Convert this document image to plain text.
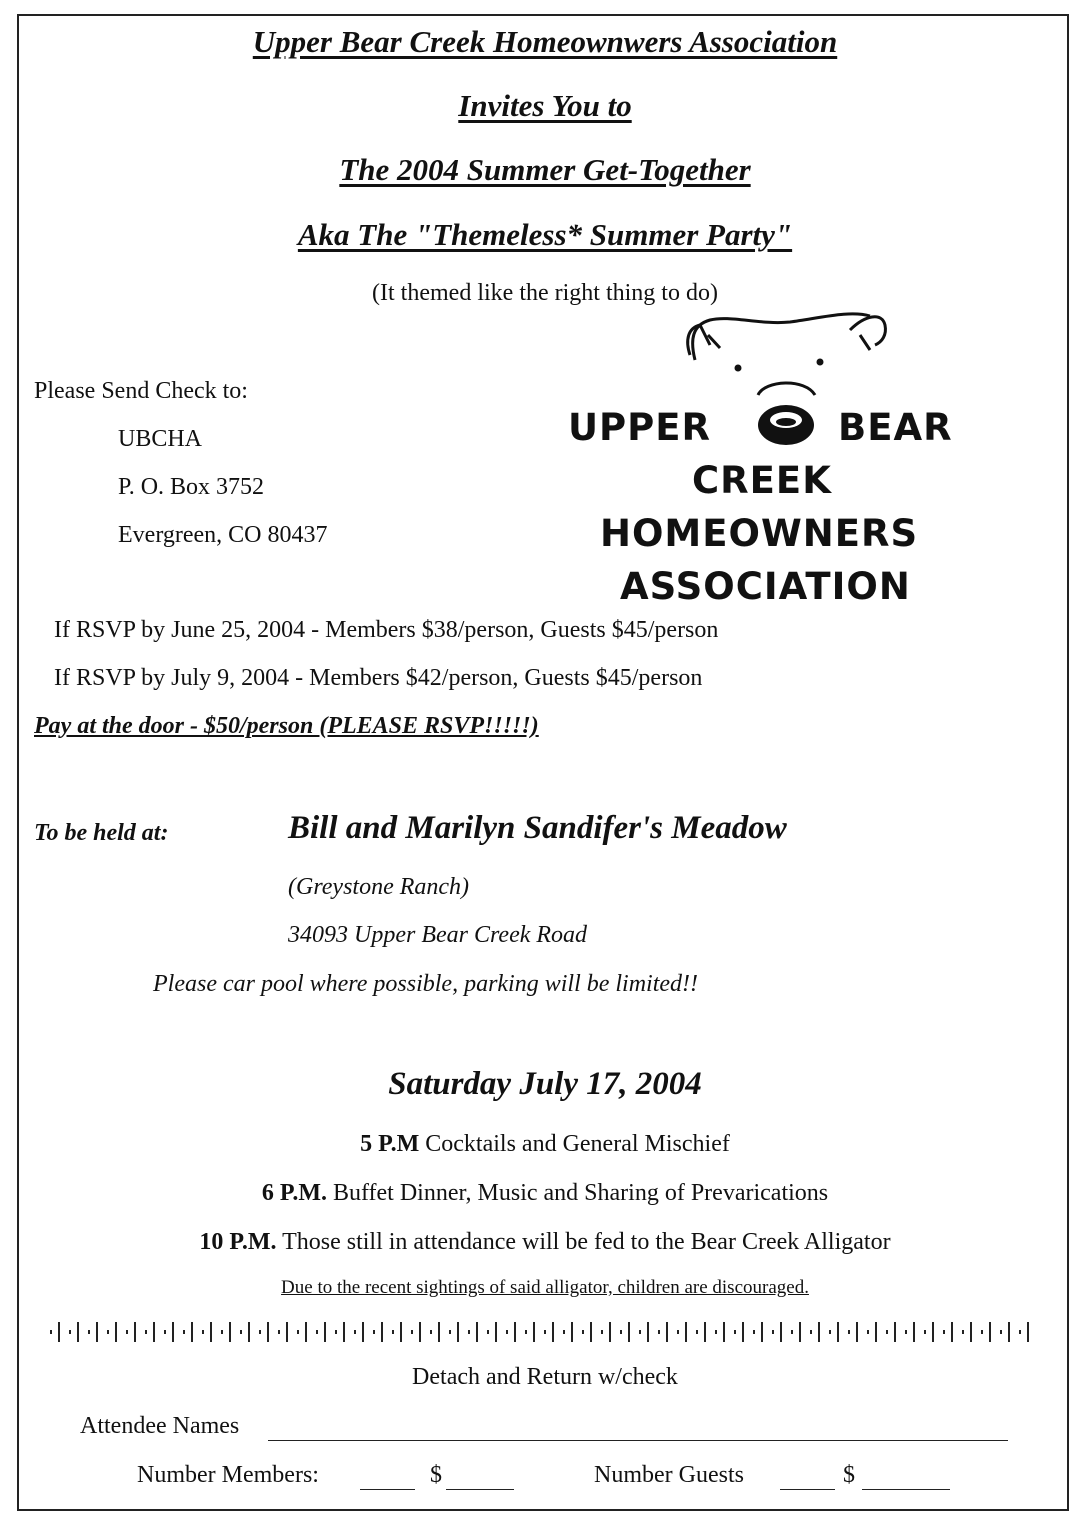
Upper Bear Creek Homeownwers Association
Invites You to
The 2004 Summer Get-Together
Aka The "Themeless* Summer Party"
(It themed like the right thing to do)
UPPER	BEAR
CREEK
HOMEOWNERS
ASSOCIATION
Please Send Check to:
UBCHA
P. O. Box 3752
Evergreen, CO 80437
If RSVP by June 25, 2004 - Members $38/person, Guests $45/person
If RSVP by July 9, 2004 - Members $42/person, Guests $45/person
Pay at the door - $50/person (PLEASE RSVP!!!!!)
To be held at:	Bill and Marilyn Sandifer's Meadow
(Greystone Ranch)
34093 Upper Bear Creek Road
Please car pool where possible, parking will be limited!!
Saturday July 17, 2004
5 P.M Cocktails and General Mischief
6 P.M. Buffet Dinner, Music and Sharing of Prevarications
10 P.M. Those still in attendance will be fed to the Bear Creek Alligator
Due to the recent sightings of said alligator, children are discouraged.
Detach and Return w/check
Attendee Names
Number Members:	$	Number Guests	$
